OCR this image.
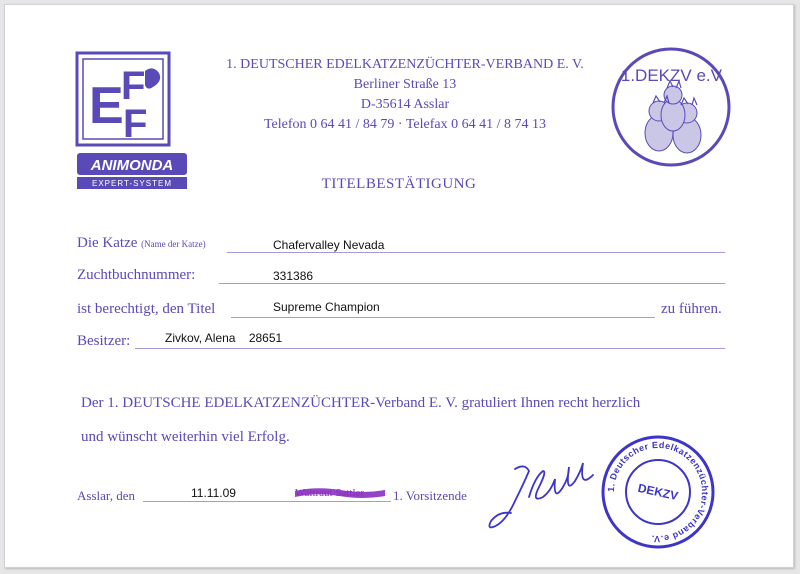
E
F
F
ANIMONDA
EXPERT-SYSTEM
1. DEUTSCHER EDELKATZENZÜCHTER-VERBAND E. V.
Berliner Straße 13
D-35614 Asslar
Telefon 0 64 41 / 84 79 · Telefax 0 64 41 / 8 74 13
1.DEKZV e.V.
TITELBESTÄTIGUNG
Die Katze (Name der Katze)	Chafervalley Nevada
Zuchtbuchnummer:	331386
ist berechtigt, den Titel	Supreme Champion	zu führen.
Besitzer:	Zivkov, Alena    28651
Der 1. DEUTSCHE EDELKATZENZÜCHTER-Verband E. V. gratuliert Ihnen recht herzlich
und wünscht weiterhin viel Erfolg.
Asslar, den	11.11.09	Waltraut Sattler 1. Vorsitzende	1. Deutscher Edelkatzenzüchter-Verband e.V.
DEKZV
